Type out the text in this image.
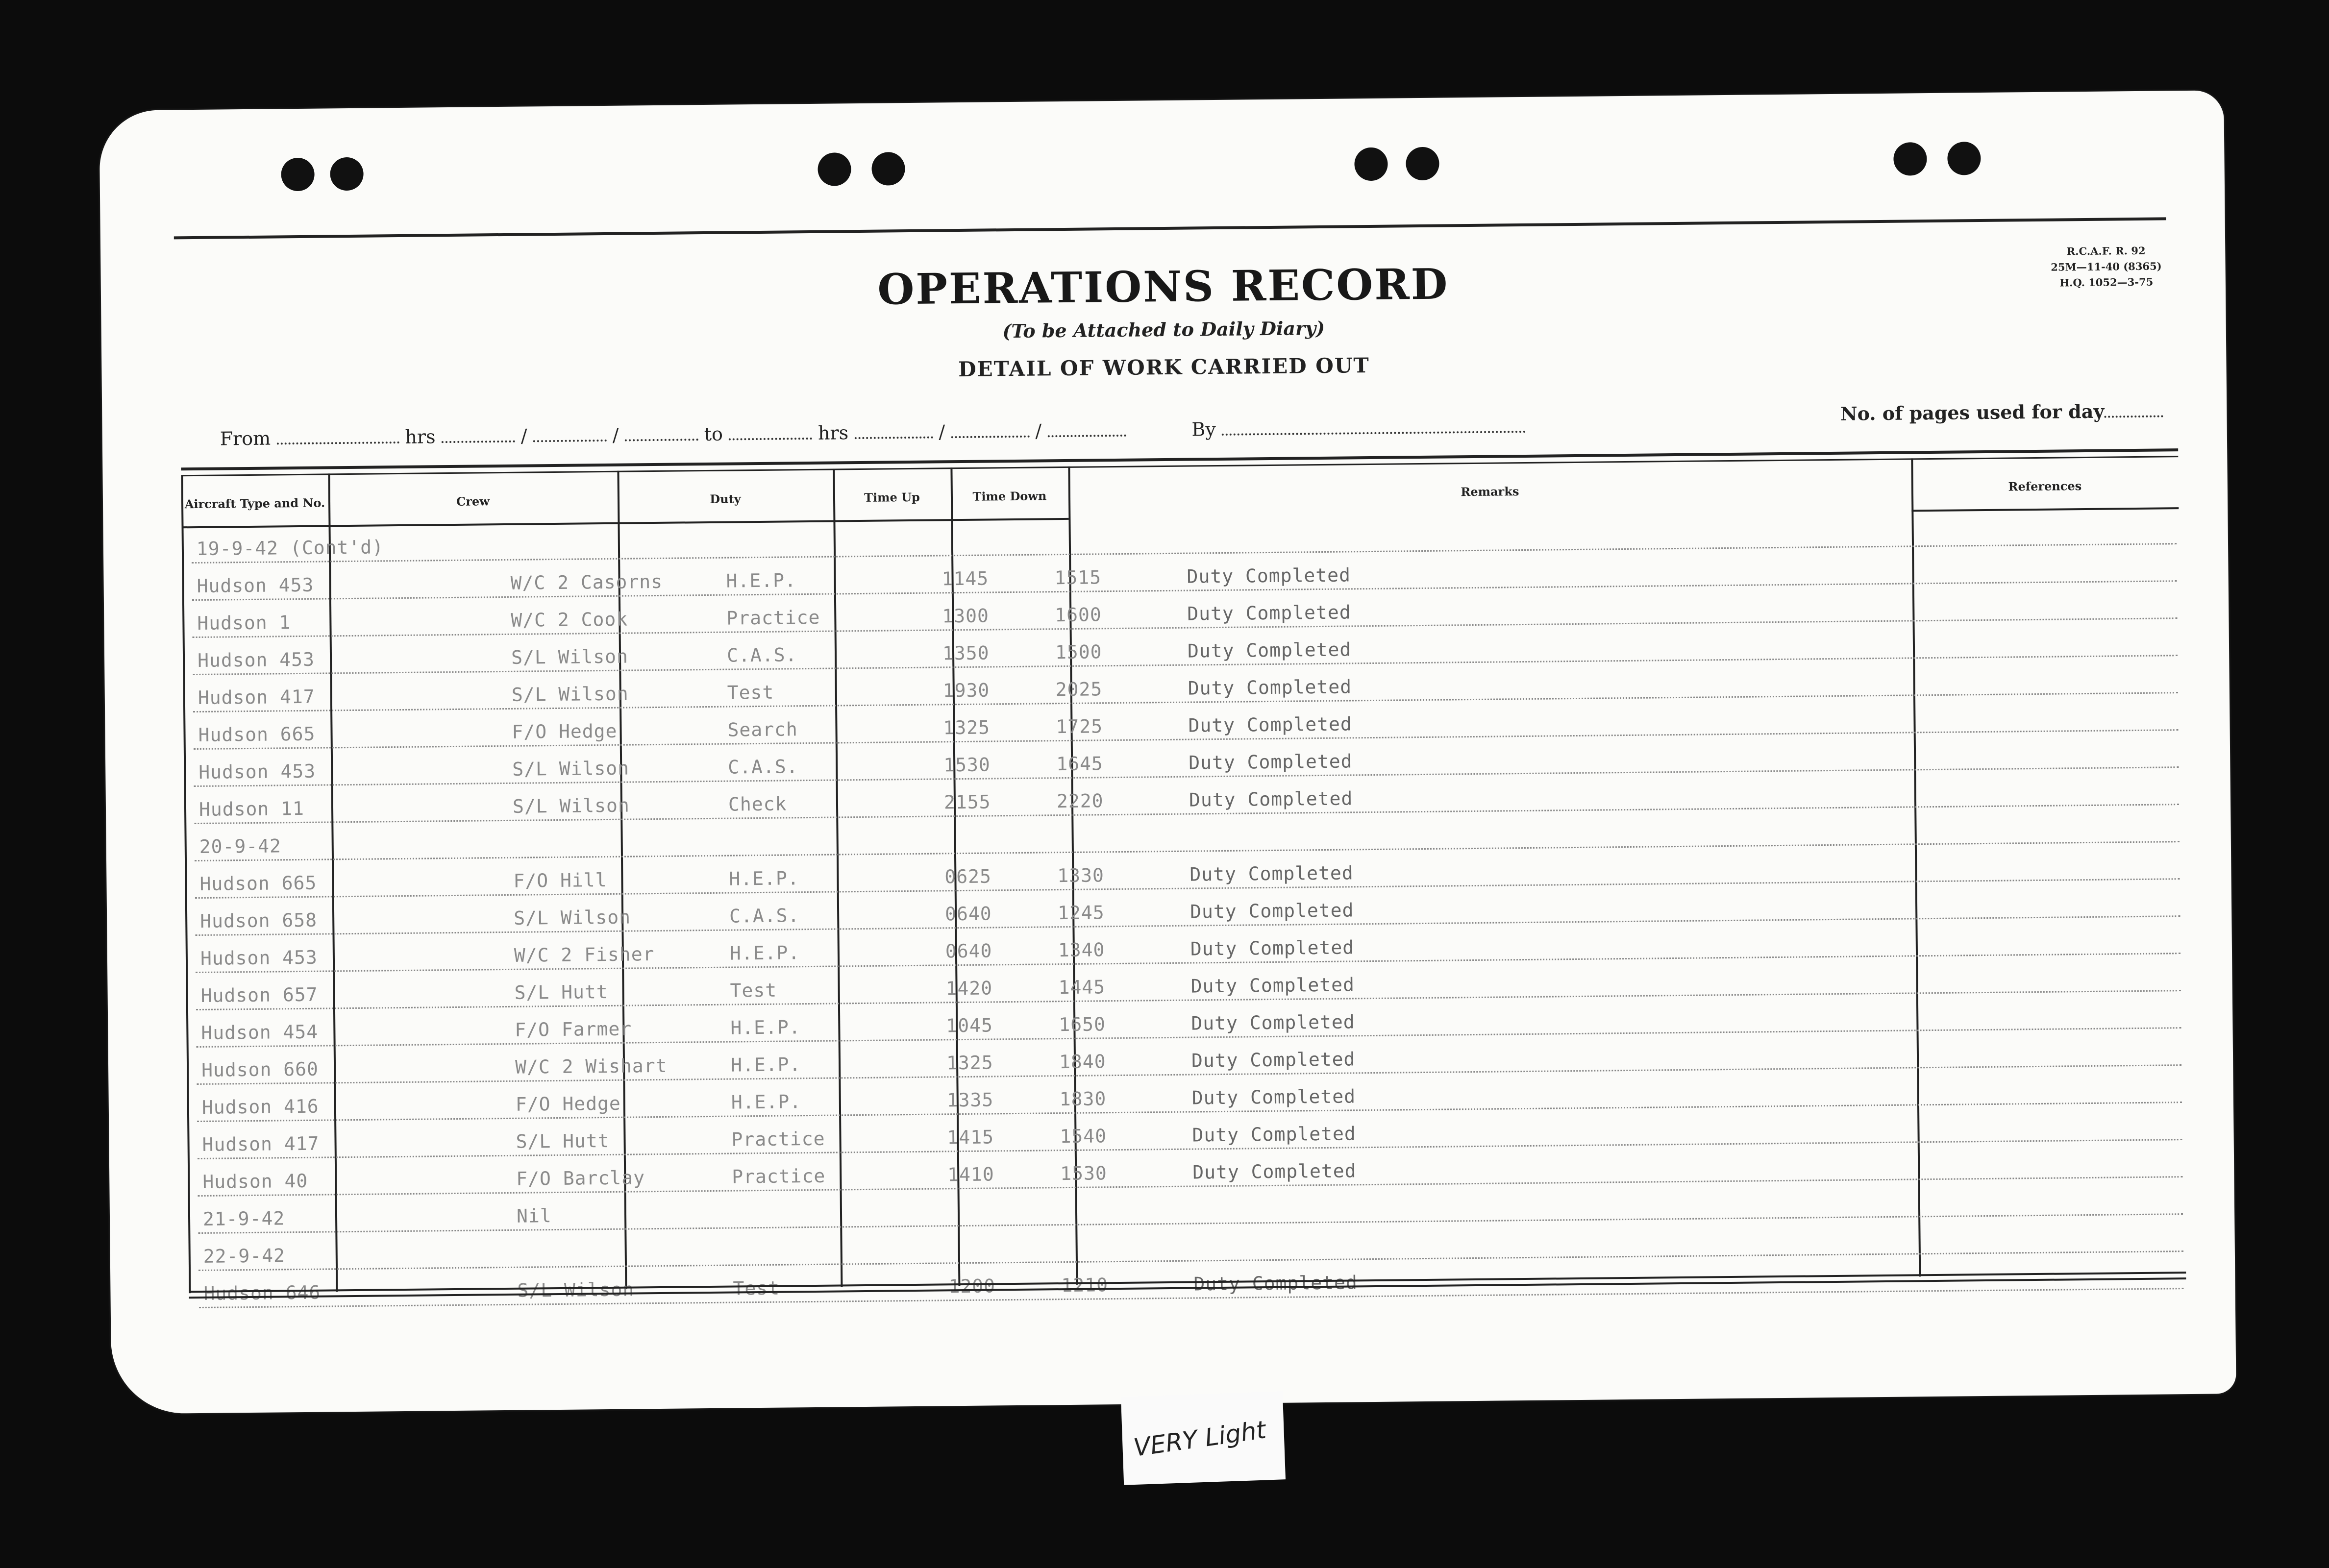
R.C.A.F. R. 92
25M—11-40 (8365)
H.Q. 1052—3-75
OPERATIONS RECORD
(To be Attached to Daily Diary)
DETAIL OF WORK CARRIED OUT
From	hrs	/	/	to	hrs	/	/	By
No. of pages used for day
Aircraft Type and No.	Crew	Duty	Time Up	Time Down	Remarks	References
19-9-42 (Cont'd)
Hudson 453	W/C 2 Casorns	H.E.P.	1145	1515	Duty Completed
Hudson 1	W/C 2 Cook	Practice	1300	1600	Duty Completed
Hudson 453	S/L Wilson	C.A.S.	1350	1500	Duty Completed
Hudson 417	S/L Wilson	Test	1930	2025	Duty Completed
Hudson 665	F/O Hedge	Search	1325	1725	Duty Completed
Hudson 453	S/L Wilson	C.A.S.	1530	1645	Duty Completed
Hudson 11	S/L Wilson	Check	2155	2220	Duty Completed
20-9-42
Hudson 665	F/O Hill	H.E.P.	0625	1330	Duty Completed
Hudson 658	S/L Wilson	C.A.S.	0640	1245	Duty Completed
Hudson 453	W/C 2 Fisher	H.E.P.	0640	1340	Duty Completed
Hudson 657	S/L Hutt	Test	1420	1445	Duty Completed
Hudson 454	F/O Farmer	H.E.P.	1045	1650	Duty Completed
Hudson 660	W/C 2 Wishart	H.E.P.	1325	1840	Duty Completed
Hudson 416	F/O Hedge	H.E.P.	1335	1830	Duty Completed
Hudson 417	S/L Hutt	Practice	1415	1540	Duty Completed
Hudson 40	F/O Barclay	Practice	1410	1530	Duty Completed
21-9-42	Nil
22-9-42
Hudson 646	S/L Wilson	Test	1200	1210	Duty Completed
VERY Light
